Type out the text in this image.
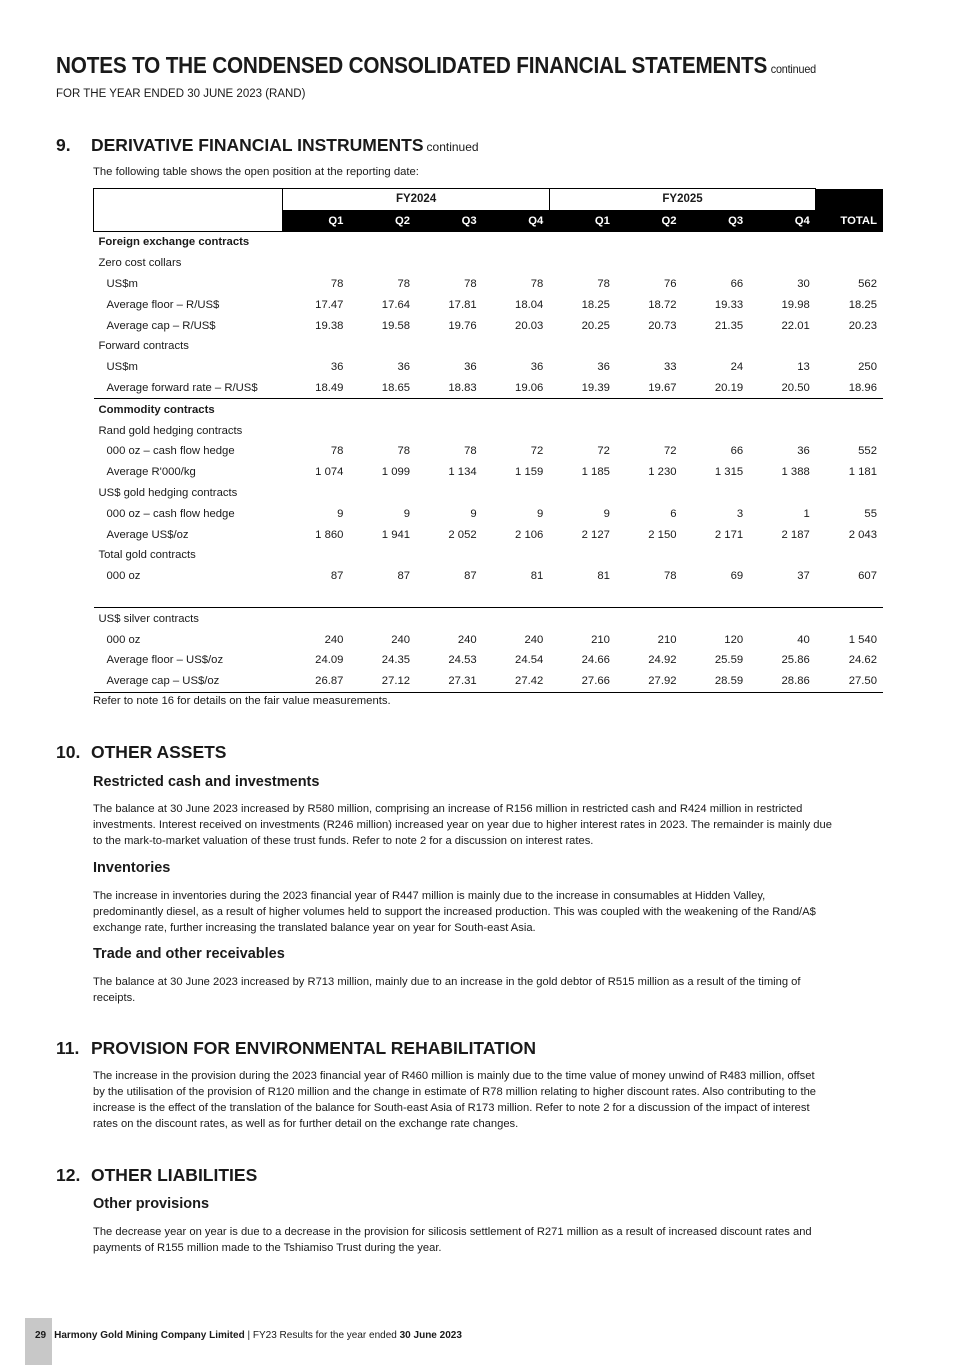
NOTES TO THE CONDENSED CONSOLIDATED FINANCIAL STATEMENTS continued
FOR THE YEAR ENDED 30 JUNE 2023 (RAND)
9. DERIVATIVE FINANCIAL INSTRUMENTS continued
The following table shows the open position at the reporting date:
	FY2024				FY2025				
	Q1	Q2	Q3	Q4	Q1	Q2	Q3	Q4	TOTAL
Foreign exchange contracts									
Zero cost collars									
US$m	78	78	78	78	78	76	66	30	562
Average floor – R/US$	17.47	17.64	17.81	18.04	18.25	18.72	19.33	19.98	18.25
Average cap – R/US$	19.38	19.58	19.76	20.03	20.25	20.73	21.35	22.01	20.23
Forward contracts									
US$m	36	36	36	36	36	33	24	13	250
Average forward rate – R/US$	18.49	18.65	18.83	19.06	19.39	19.67	20.19	20.50	18.96
Commodity contracts									
Rand gold hedging contracts									
000 oz – cash flow hedge	78	78	78	72	72	72	66	36	552
Average R'000/kg	1 074	1 099	1 134	1 159	1 185	1 230	1 315	1 388	1 181
US$ gold hedging contracts									
000 oz – cash flow hedge	9	9	9	9	9	6	3	1	55
Average US$/oz	1 860	1 941	2 052	2 106	2 127	2 150	2 171	2 187	2 043
Total gold contracts									
000 oz	87	87	87	81	81	78	69	37	607

US$ silver contracts									
000 oz	240	240	240	240	210	210	120	40	1 540
Average floor – US$/oz	24.09	24.35	24.53	24.54	24.66	24.92	25.59	25.86	24.62
Average cap – US$/oz	26.87	27.12	27.31	27.42	27.66	27.92	28.59	28.86	27.50
Refer to note 16 for details on the fair value measurements.
10. OTHER ASSETS
Restricted cash and investments
The balance at 30 June 2023 increased by R580 million, comprising an increase of R156 million in restricted cash and R424 million in restricted
investments. Interest received on investments (R246 million) increased year on year due to higher interest rates in 2023. The remainder is mainly due
to the mark-to-market valuation of these trust funds. Refer to note 2 for a discussion on interest rates.
Inventories
The increase in inventories during the 2023 financial year of R447 million is mainly due to the increase in consumables at Hidden Valley,
predominantly diesel, as a result of higher volumes held to support the increased production. This was coupled with the weakening of the Rand/A$
exchange rate, further increasing the translated balance year on year for South-east Asia.
Trade and other receivables
The balance at 30 June 2023 increased by R713 million, mainly due to an increase in the gold debtor of R515 million as a result of the timing of
receipts.
11. PROVISION FOR ENVIRONMENTAL REHABILITATION
The increase in the provision during the 2023 financial year of R460 million is mainly due to the time value of money unwind of R483 million, offset
by the utilisation of the provision of R120 million and the change in estimate of R78 million relating to higher discount rates. Also contributing to the
increase is the effect of the translation of the balance for South-east Asia of R173 million. Refer to note 2 for a discussion of the impact of interest
rates on the discount rates, as well as for further detail on the exchange rate changes.
12. OTHER LIABILITIES
Other provisions
The decrease year on year is due to a decrease in the provision for silicosis settlement of R271 million as a result of increased discount rates and
payments of R155 million made to the Tshiamiso Trust during the year.
29 Harmony Gold Mining Company Limited | FY23 Results for the year ended 30 June 2023
